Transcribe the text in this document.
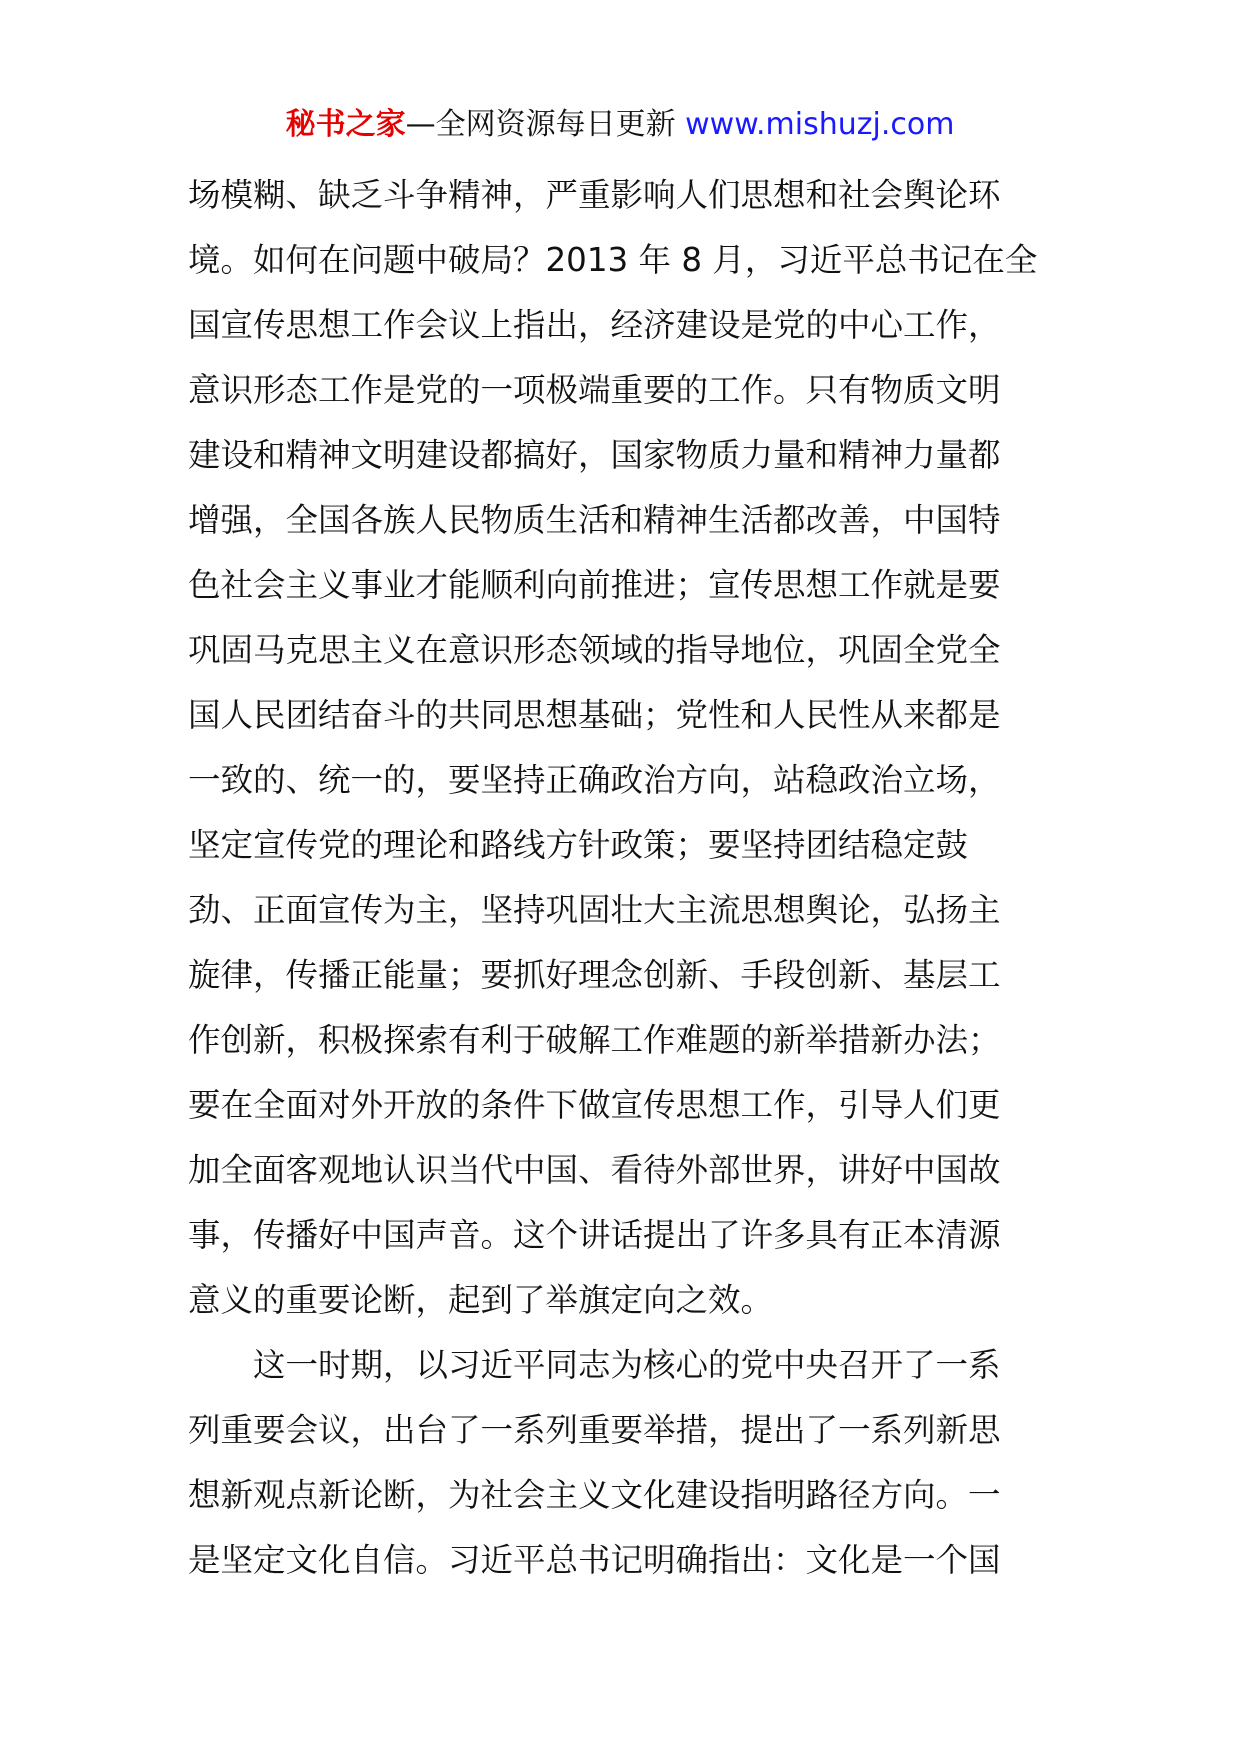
秘书之家—全网资源每日更新 www.mishuzj.com
场模糊、缺乏斗争精神，严重影响人们思想和社会舆论环
境。如何在问题中破局？2013 年 8 月，习近平总书记在全
国宣传思想工作会议上指出，经济建设是党的中心工作，
意识形态工作是党的一项极端重要的工作。只有物质文明
建设和精神文明建设都搞好，国家物质力量和精神力量都
增强，全国各族人民物质生活和精神生活都改善，中国特
色社会主义事业才能顺利向前推进；宣传思想工作就是要
巩固马克思主义在意识形态领域的指导地位，巩固全党全
国人民团结奋斗的共同思想基础；党性和人民性从来都是
一致的、统一的，要坚持正确政治方向，站稳政治立场，
坚定宣传党的理论和路线方针政策；要坚持团结稳定鼓
劲、正面宣传为主，坚持巩固壮大主流思想舆论，弘扬主
旋律，传播正能量；要抓好理念创新、手段创新、基层工
作创新，积极探索有利于破解工作难题的新举措新办法；
要在全面对外开放的条件下做宣传思想工作，引导人们更
加全面客观地认识当代中国、看待外部世界，讲好中国故
事，传播好中国声音。这个讲话提出了许多具有正本清源
意义的重要论断，起到了举旗定向之效。
这一时期，以习近平同志为核心的党中央召开了一系
列重要会议，出台了一系列重要举措，提出了一系列新思
想新观点新论断，为社会主义文化建设指明路径方向。一
是坚定文化自信。习近平总书记明确指出：文化是一个国
